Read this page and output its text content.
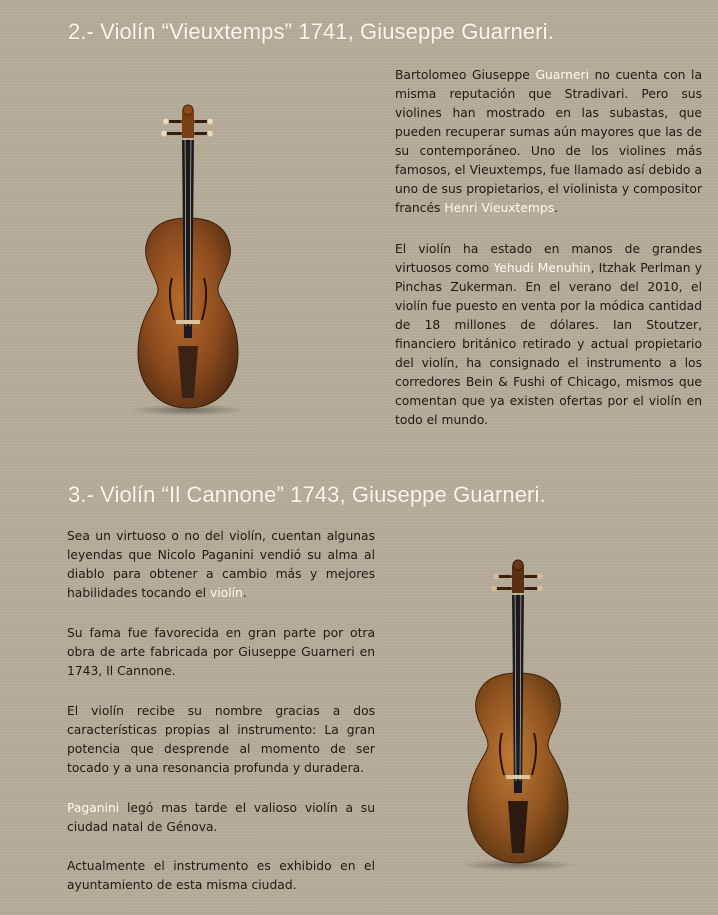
2.- Violín “Vieuxtemps” 1741, Giuseppe Guarneri.

Bartolomeo Giuseppe Guarneri no cuenta con la misma reputación que Stradivari. Pero sus violines han mostrado en las subastas, que pueden recuperar sumas aún mayores que las de su contemporáneo. Uno de los violines más famosos, el Vieuxtemps, fue llamado así debido a uno de sus propietarios, el violinista y compositor francés Henri Vieuxtemps.

El violín ha estado en manos de grandes virtuosos como Yehudi Menuhin, Itzhak Perlman y Pinchas Zukerman. En el verano del 2010, el violín fue puesto en venta por la módica cantidad de 18 millones de dólares. Ian Stoutzer, financiero británico retirado y actual propietario del violín, ha consignado el instrumento a los corredores Bein & Fushi of Chicago, mismos que comentan que ya existen ofertas por el violín en todo el mundo.

3.- Violín “Il Cannone” 1743, Giuseppe Guarneri.

Sea un virtuoso o no del violín, cuentan algunas leyendas que Nicolo Paganini vendió su alma al diablo para obtener a cambio más y mejores habilidades tocando el violín.

Su fama fue favorecida en gran parte por otra obra de arte fabricada por Giuseppe Guarneri en 1743, Il Cannone.

El violín recibe su nombre gracias a dos características propias al instrumento: La gran potencia que desprende al momento de ser tocado y a una resonancia profunda y duradera.

Paganini legó mas tarde el valioso violín a su ciudad natal de Génova.

Actualmente el instrumento es exhibido en el ayuntamiento de esta misma ciudad.
